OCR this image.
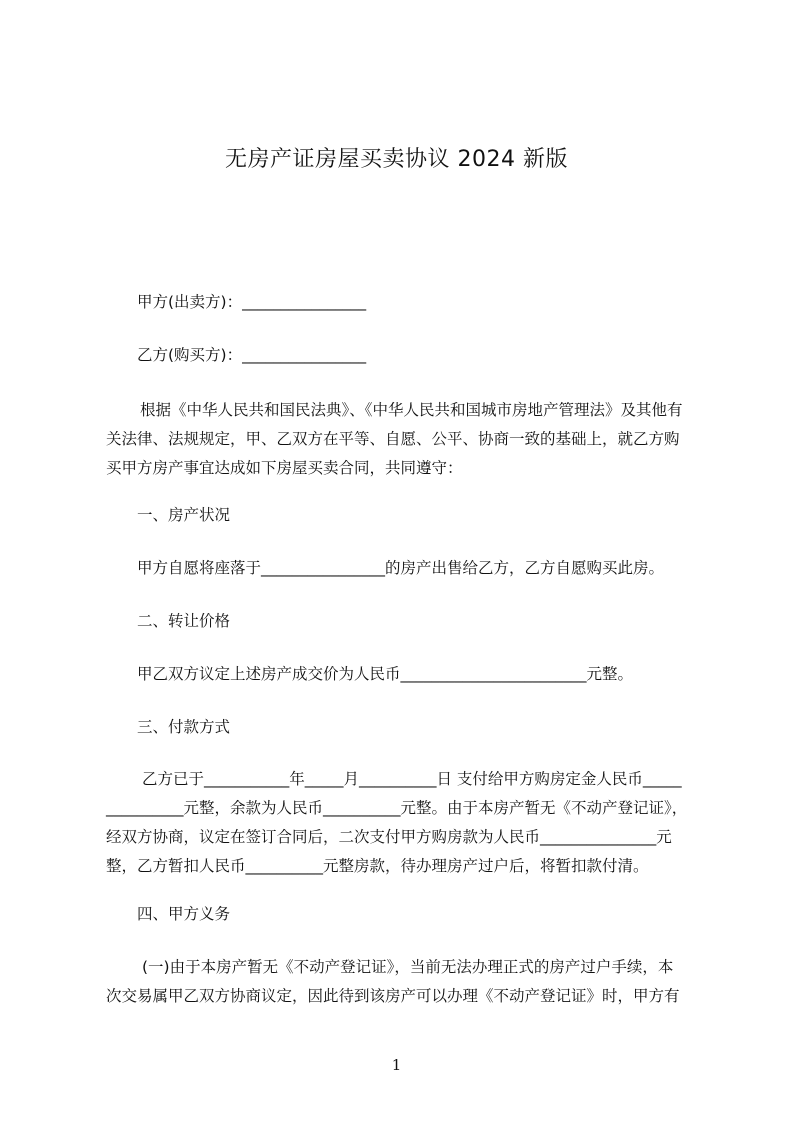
无房产证房屋买卖协议 2024 新版
甲方(出卖方)：________________
乙方(购买方)：________________
根据《中华人民共和国民法典》、《中华人民共和国城市房地产管理法》及其他有
关法律、法规规定，甲、乙双方在平等、自愿、公平、协商一致的基础上，就乙方购
买甲方房产事宜达成如下房屋买卖合同，共同遵守：
一、房产状况
甲方自愿将座落于________________的房产出售给乙方，乙方自愿购买此房。
二、转让价格
甲乙双方议定上述房产成交价为人民币________________________元整。
三、付款方式
乙方已于___________年_____月__________日 支付给甲方购房定金人民币_____
__________元整，余款为人民币__________元整。由于本房产暂无《不动产登记证》，
经双方协商，议定在签订合同后，二次支付甲方购房款为人民币_______________元
整，乙方暂扣人民币__________元整房款，待办理房产过户后，将暂扣款付清。
四、甲方义务
(一)由于本房产暂无《不动产登记证》，当前无法办理正式的房产过户手续，本
次交易属甲乙双方协商议定，因此待到该房产可以办理《不动产登记证》时，甲方有
1
